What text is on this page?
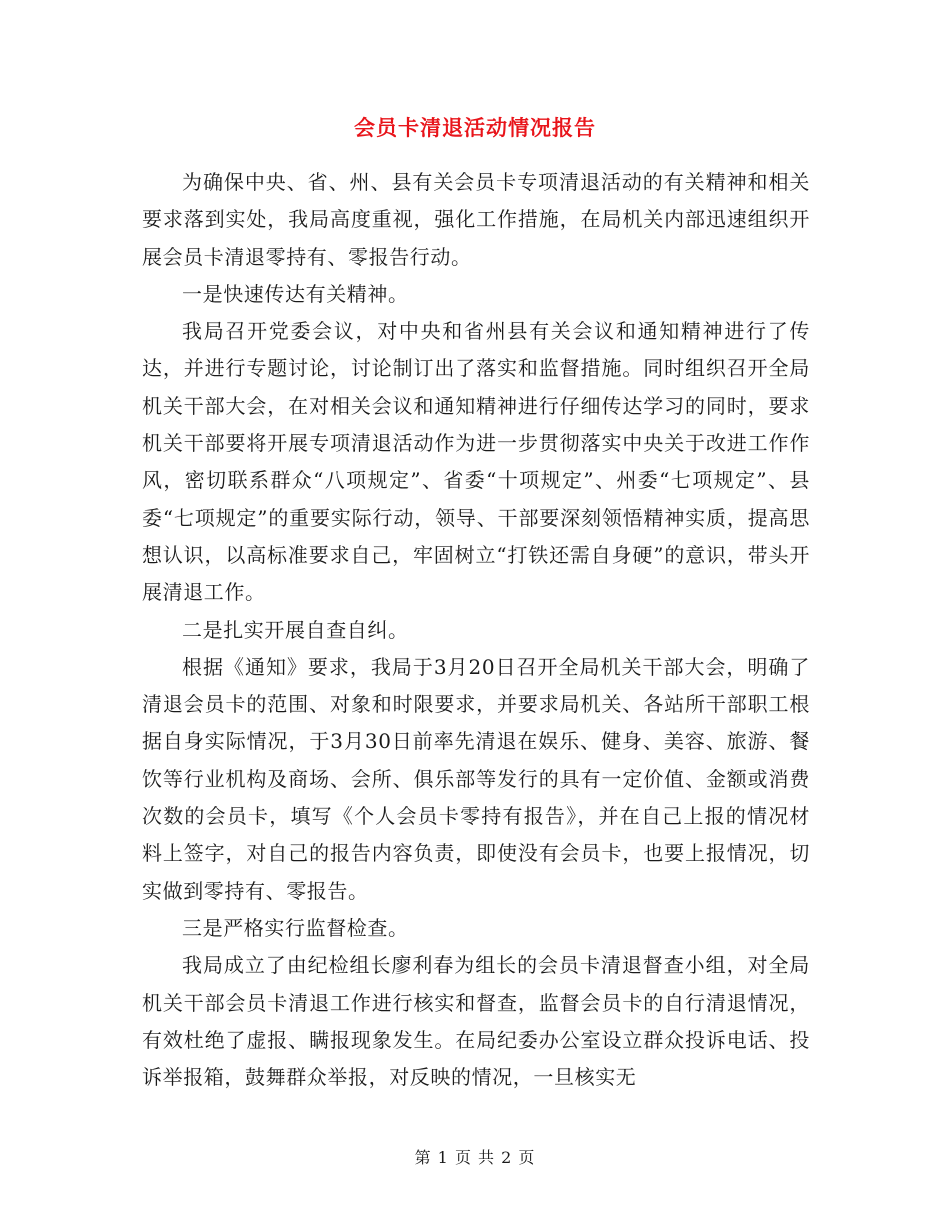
会员卡清退活动情况报告

为确保中央、省、州、县有关会员卡专项清退活动的有关精神和相关要求落到实处，我局高度重视，强化工作措施，在局机关内部迅速组织开展会员卡清退零持有、零报告行动。

一是快速传达有关精神。

我局召开党委会议，对中央和省州县有关会议和通知精神进行了传达，并进行专题讨论，讨论制订出了落实和监督措施。同时组织召开全局机关干部大会，在对相关会议和通知精神进行仔细传达学习的同时，要求机关干部要将开展专项清退活动作为进一步贯彻落实中央关于改进工作作风，密切联系群众“八项规定”、省委“十项规定”、州委“七项规定”、县委“七项规定”的重要实际行动，领导、干部要深刻领悟精神实质，提高思想认识，以高标准要求自己，牢固树立“打铁还需自身硬”的意识，带头开展清退工作。

二是扎实开展自查自纠。

根据《通知》要求，我局于3月20日召开全局机关干部大会，明确了清退会员卡的范围、对象和时限要求，并要求局机关、各站所干部职工根据自身实际情况，于3月30日前率先清退在娱乐、健身、美容、旅游、餐饮等行业机构及商场、会所、俱乐部等发行的具有一定价值、金额或消费次数的会员卡，填写《个人会员卡零持有报告》，并在自己上报的情况材料上签字，对自己的报告内容负责，即使没有会员卡，也要上报情况，切实做到零持有、零报告。

三是严格实行监督检查。

我局成立了由纪检组长廖利春为组长的会员卡清退督查小组，对全局机关干部会员卡清退工作进行核实和督查，监督会员卡的自行清退情况，有效杜绝了虚报、瞒报现象发生。在局纪委办公室设立群众投诉电话、投诉举报箱，鼓舞群众举报，对反映的情况，一旦核实无

第 1 页 共 2 页
